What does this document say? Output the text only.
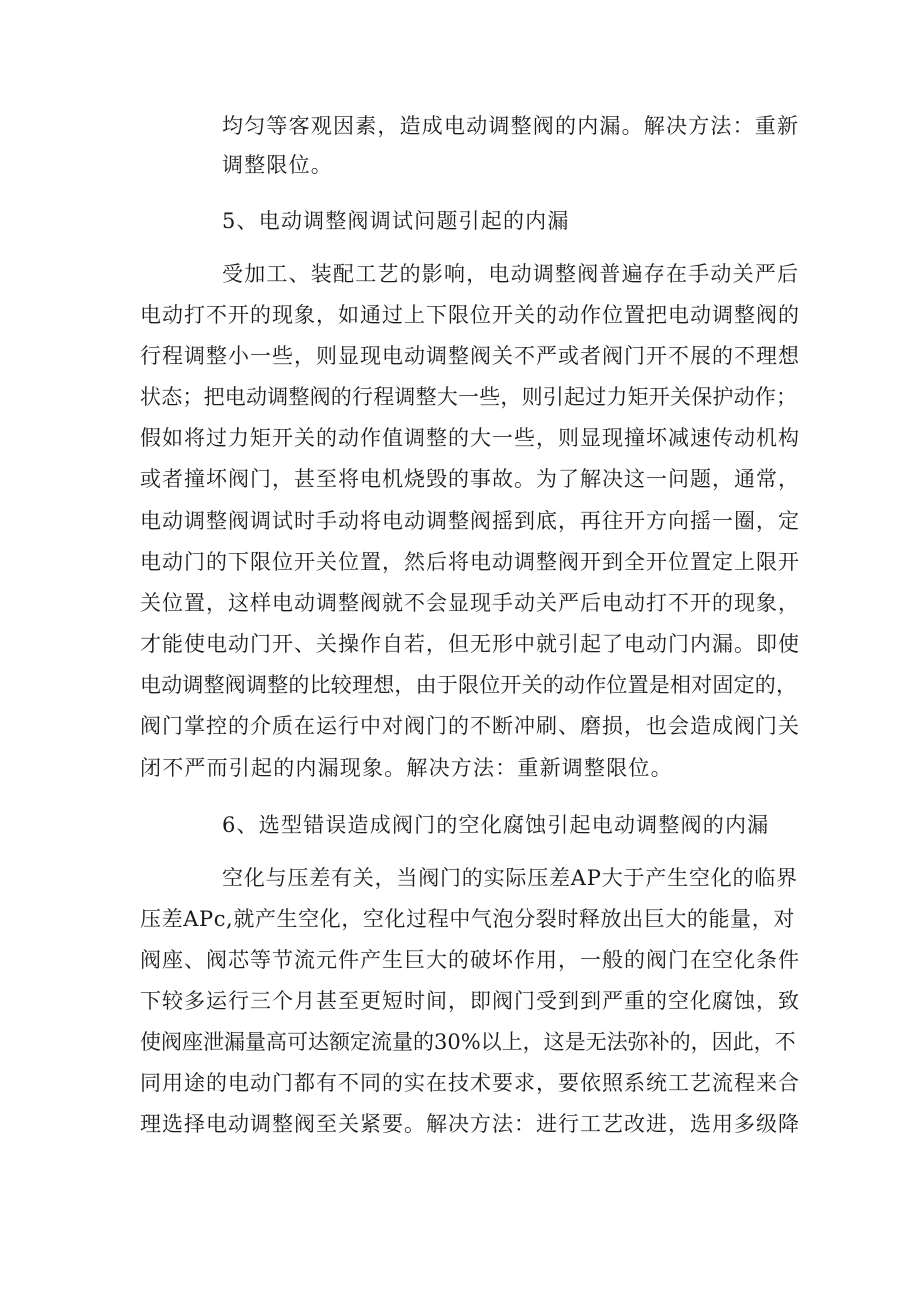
均匀等客观因素，造成电动调整阀的内漏。解决方法：重新
调整限位。
5、电动调整阀调试问题引起的内漏
受加工、装配工艺的影响，电动调整阀普遍存在手动关严后
电动打不开的现象，如通过上下限位开关的动作位置把电动调整阀的
行程调整小一些，则显现电动调整阀关不严或者阀门开不展的不理想
状态；把电动调整阀的行程调整大一些，则引起过力矩开关保护动作；
假如将过力矩开关的动作值调整的大一些，则显现撞坏减速传动机构
或者撞坏阀门，甚至将电机烧毁的事故。为了解决这一问题，通常，
电动调整阀调试时手动将电动调整阀摇到底，再往开方向摇一圈，定
电动门的下限位开关位置，然后将电动调整阀开到全开位置定上限开
关位置，这样电动调整阀就不会显现手动关严后电动打不开的现象，
才能使电动门开、关操作自若，但无形中就引起了电动门内漏。即使
电动调整阀调整的比较理想，由于限位开关的动作位置是相对固定的，
阀门掌控的介质在运行中对阀门的不断冲刷、磨损，也会造成阀门关
闭不严而引起的内漏现象。解决方法：重新调整限位。
6、选型错误造成阀门的空化腐蚀引起电动调整阀的内漏
空化与压差有关，当阀门的实际压差AP大于产生空化的临界
压差APc,就产生空化，空化过程中气泡分裂时释放出巨大的能量，对
阀座、阀芯等节流元件产生巨大的破坏作用，一般的阀门在空化条件
下较多运行三个月甚至更短时间，即阀门受到到严重的空化腐蚀，致
使阀座泄漏量高可达额定流量的30%以上，这是无法弥补的，因此，不
同用途的电动门都有不同的实在技术要求，要依照系统工艺流程来合
理选择电动调整阀至关紧要。解决方法：进行工艺改进，选用多级降
